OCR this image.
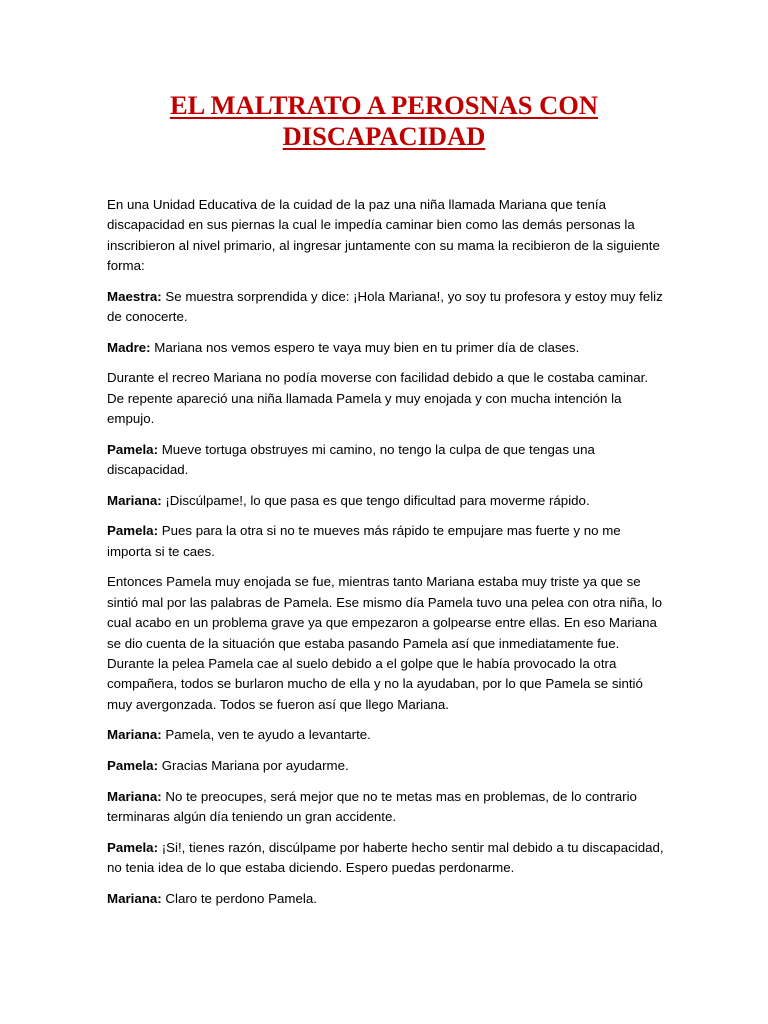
EL MALTRATO A PEROSNAS CON
DISCAPACIDAD

En una Unidad Educativa de la cuidad de la paz una niña llamada Mariana que tenía discapacidad en sus piernas la cual le impedía caminar bien como las demás personas la inscribieron al nivel primario, al ingresar juntamente con su mama la recibieron de la siguiente forma:

Maestra: Se muestra sorprendida y dice: ¡Hola Mariana!, yo soy tu profesora y estoy muy feliz de conocerte.

Madre: Mariana nos vemos espero te vaya muy bien en tu primer día de clases.

Durante el recreo Mariana no podía moverse con facilidad debido a que le costaba caminar. De repente apareció una niña llamada Pamela y muy enojada y con mucha intención la empujo.

Pamela: Mueve tortuga obstruyes mi camino, no tengo la culpa de que tengas una discapacidad.

Mariana: ¡Discúlpame!, lo que pasa es que tengo dificultad para moverme rápido.

Pamela: Pues para la otra si no te mueves más rápido te empujare mas fuerte y no me importa si te caes.

Entonces Pamela muy enojada se fue, mientras tanto Mariana estaba muy triste ya que se sintió mal por las palabras de Pamela. Ese mismo día Pamela tuvo una pelea con otra niña, lo cual acabo en un problema grave ya que empezaron a golpearse entre ellas. En eso Mariana se dio cuenta de la situación que estaba pasando Pamela así que inmediatamente fue. Durante la pelea Pamela cae al suelo debido a el golpe que le había provocado la otra compañera, todos se burlaron mucho de ella y no la ayudaban, por lo que Pamela se sintió muy avergonzada. Todos se fueron así que llego Mariana.

Mariana: Pamela, ven te ayudo a levantarte.

Pamela: Gracias Mariana por ayudarme.

Mariana: No te preocupes, será mejor que no te metas mas en problemas, de lo contrario terminaras algún día teniendo un gran accidente.

Pamela: ¡Si!, tienes razón, discúlpame por haberte hecho sentir mal debido a tu discapacidad, no tenia idea de lo que estaba diciendo. Espero puedas perdonarme.

Mariana: Claro te perdono Pamela.
